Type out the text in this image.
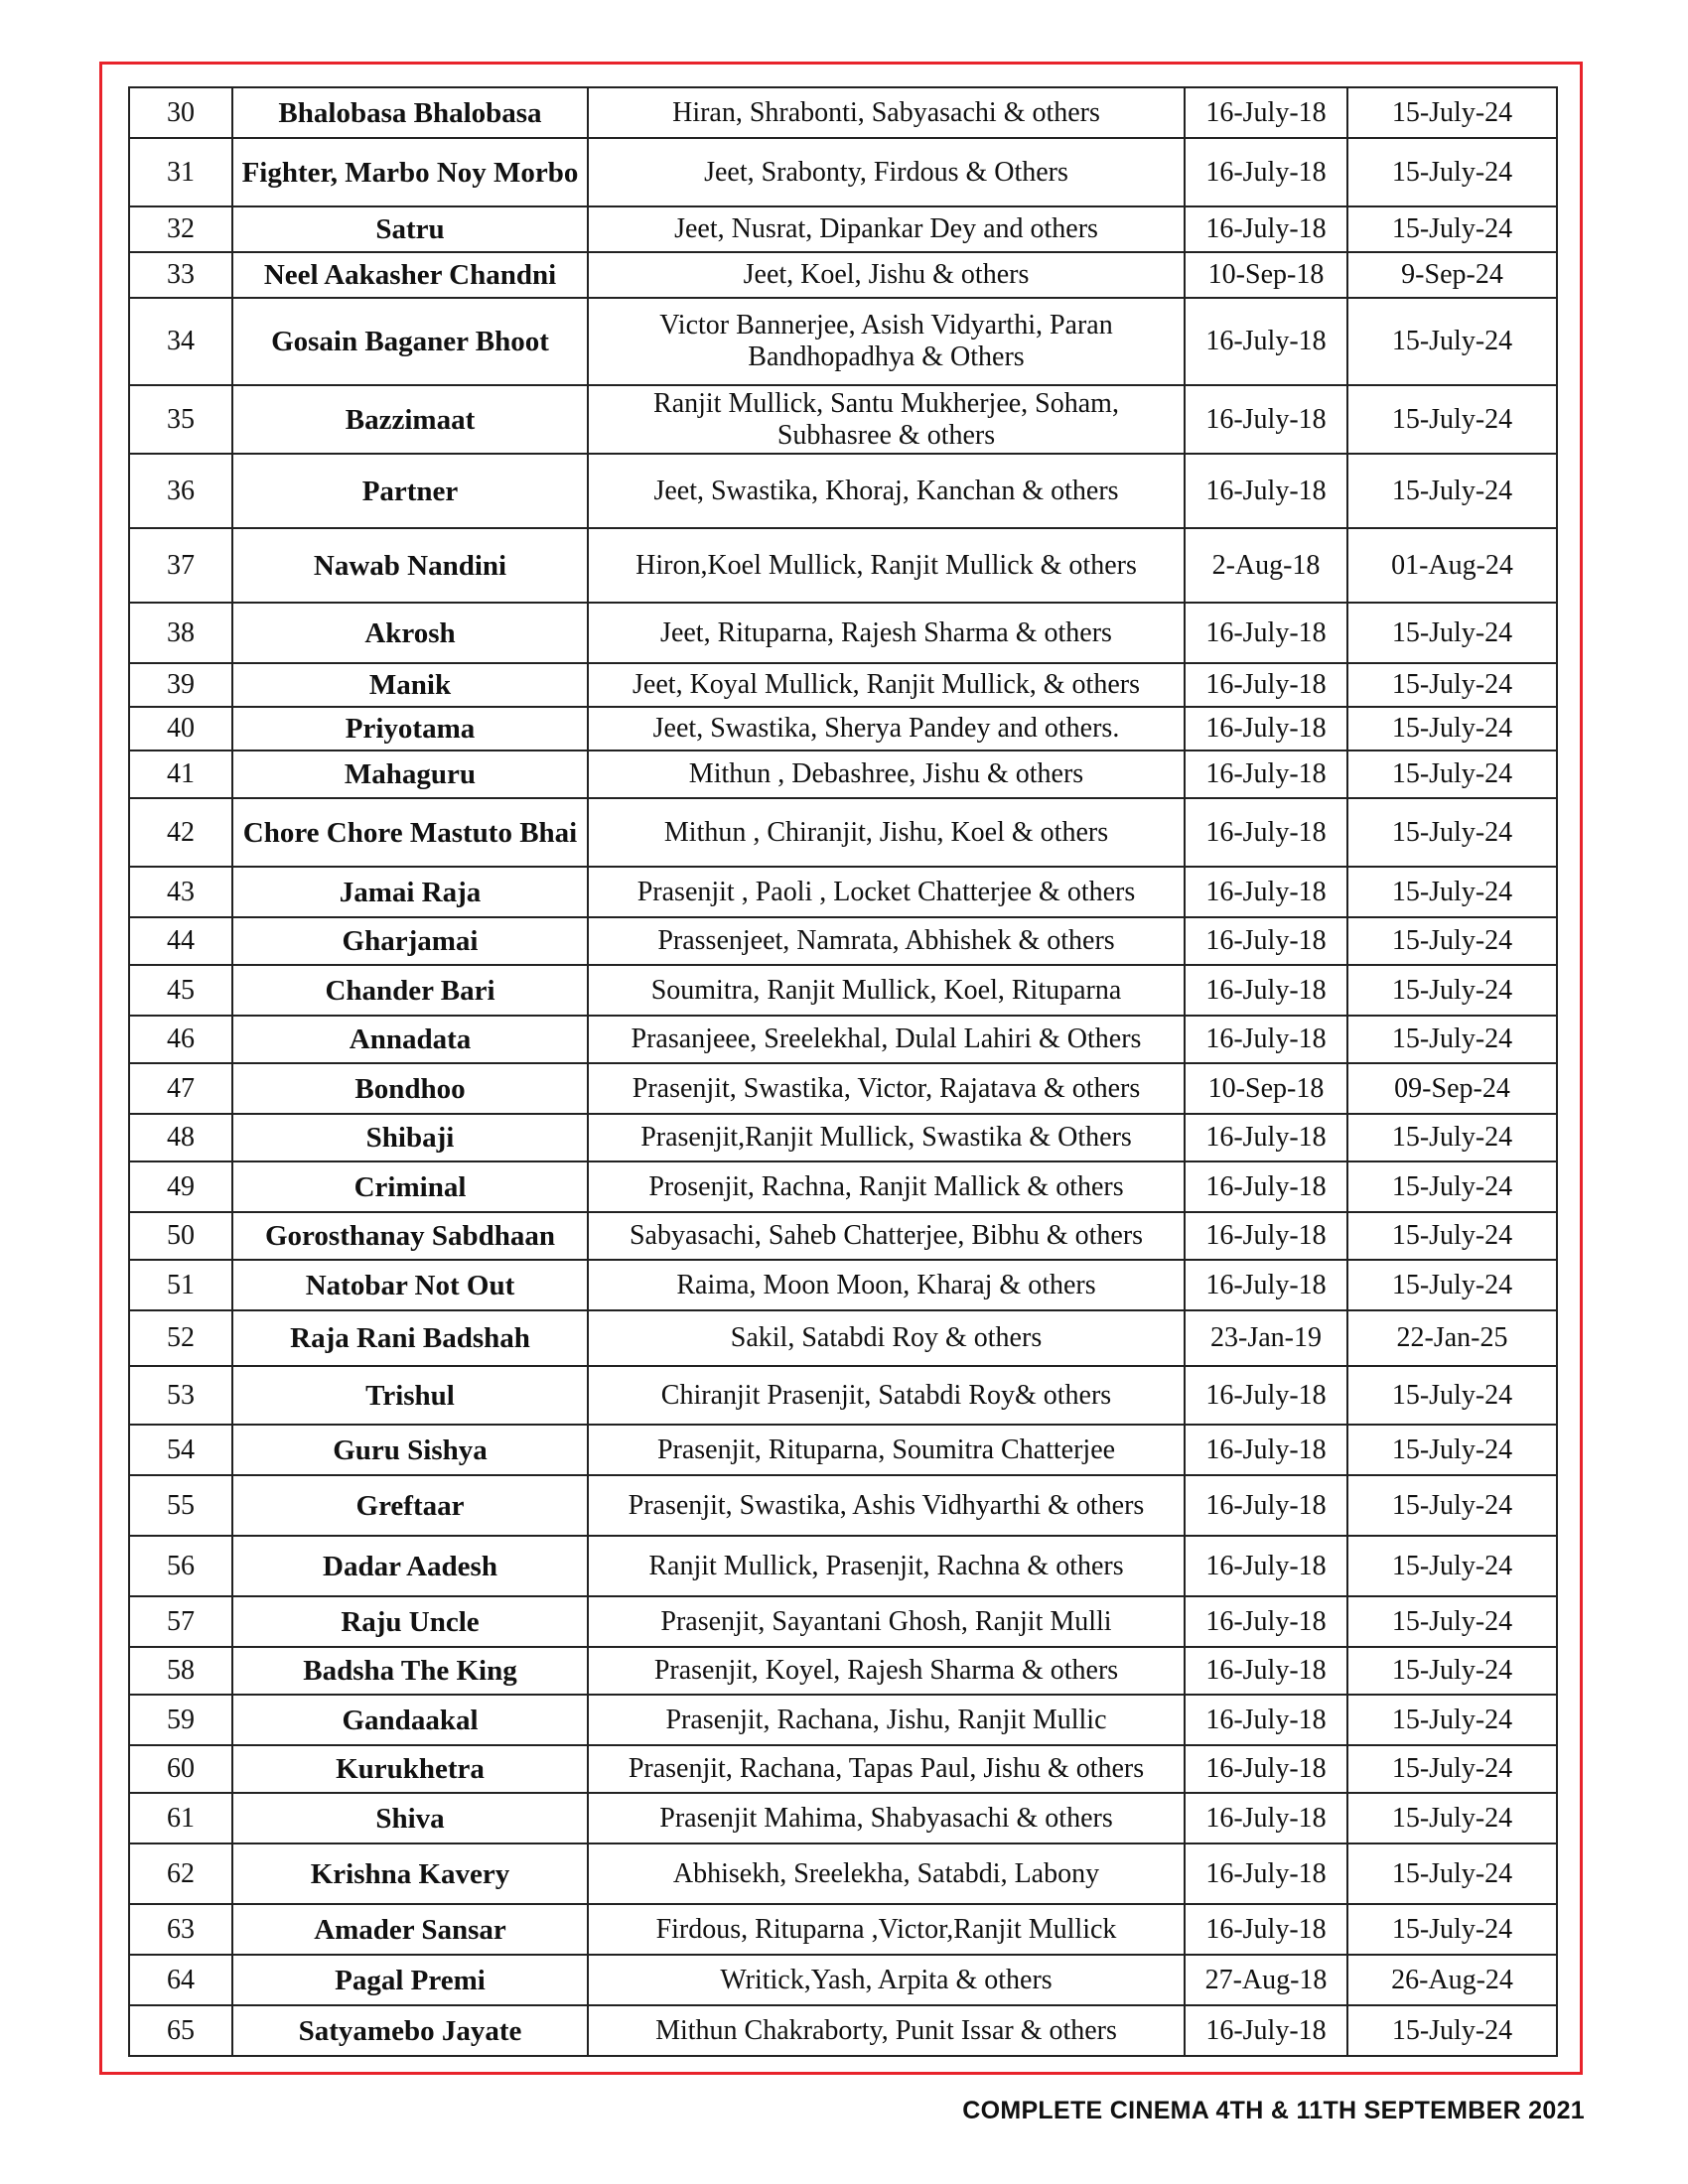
30	Bhalobasa Bhalobasa	Hiran, Shrabonti, Sabyasachi & others	16-July-18	15-July-24
31	Fighter, Marbo Noy Morbo	Jeet, Srabonty, Firdous & Others	16-July-18	15-July-24
32	Satru	Jeet, Nusrat, Dipankar Dey and others	16-July-18	15-July-24
33	Neel Aakasher Chandni	Jeet, Koel, Jishu & others	10-Sep-18	9-Sep-24
34	Gosain Baganer Bhoot	Victor Bannerjee, Asish Vidyarthi, Paran Bandhopadhya & Others	16-July-18	15-July-24
35	Bazzimaat	Ranjit Mullick, Santu Mukherjee, Soham, Subhasree & others	16-July-18	15-July-24
36	Partner	Jeet, Swastika, Khoraj, Kanchan & others	16-July-18	15-July-24
37	Nawab Nandini	Hiron,Koel Mullick, Ranjit Mullick & others	2-Aug-18	01-Aug-24
38	Akrosh	Jeet, Rituparna, Rajesh Sharma & others	16-July-18	15-July-24
39	Manik	Jeet, Koyal Mullick, Ranjit Mullick, & others	16-July-18	15-July-24
40	Priyotama	Jeet, Swastika, Sherya Pandey and others.	16-July-18	15-July-24
41	Mahaguru	Mithun , Debashree, Jishu & others	16-July-18	15-July-24
42	Chore Chore Mastuto Bhai	Mithun , Chiranjit, Jishu, Koel & others	16-July-18	15-July-24
43	Jamai Raja	Prasenjit , Paoli , Locket Chatterjee & others	16-July-18	15-July-24
44	Gharjamai	Prassenjeet, Namrata, Abhishek & others	16-July-18	15-July-24
45	Chander Bari	Soumitra, Ranjit Mullick, Koel, Rituparna	16-July-18	15-July-24
46	Annadata	Prasanjeee, Sreelekhal, Dulal Lahiri & Others	16-July-18	15-July-24
47	Bondhoo	Prasenjit, Swastika, Victor, Rajatava & others	10-Sep-18	09-Sep-24
48	Shibaji	Prasenjit,Ranjit Mullick, Swastika & Others	16-July-18	15-July-24
49	Criminal	Prosenjit, Rachna, Ranjit Mallick & others	16-July-18	15-July-24
50	Gorosthanay Sabdhaan	Sabyasachi, Saheb Chatterjee, Bibhu & others	16-July-18	15-July-24
51	Natobar Not Out	Raima, Moon Moon, Kharaj & others	16-July-18	15-July-24
52	Raja Rani Badshah	Sakil, Satabdi Roy & others	23-Jan-19	22-Jan-25
53	Trishul	Chiranjit Prasenjit, Satabdi Roy& others	16-July-18	15-July-24
54	Guru Sishya	Prasenjit, Rituparna, Soumitra Chatterjee	16-July-18	15-July-24
55	Greftaar	Prasenjit, Swastika, Ashis Vidhyarthi & others	16-July-18	15-July-24
56	Dadar Aadesh	Ranjit Mullick, Prasenjit, Rachna & others	16-July-18	15-July-24
57	Raju Uncle	Prasenjit, Sayantani Ghosh, Ranjit Mulli	16-July-18	15-July-24
58	Badsha The King	Prasenjit, Koyel, Rajesh Sharma & others	16-July-18	15-July-24
59	Gandaakal	Prasenjit, Rachana, Jishu, Ranjit Mullic	16-July-18	15-July-24
60	Kurukhetra	Prasenjit, Rachana, Tapas Paul, Jishu & others	16-July-18	15-July-24
61	Shiva	Prasenjit Mahima, Shabyasachi & others	16-July-18	15-July-24
62	Krishna Kavery	Abhisekh, Sreelekha, Satabdi, Labony	16-July-18	15-July-24
63	Amader Sansar	Firdous, Rituparna ,Victor,Ranjit Mullick	16-July-18	15-July-24
64	Pagal Premi	Writick,Yash, Arpita & others	27-Aug-18	26-Aug-24
65	Satyamebo Jayate	Mithun Chakraborty, Punit Issar & others	16-July-18	15-July-24
COMPLETE CINEMA 4TH & 11TH SEPTEMBER 2021
